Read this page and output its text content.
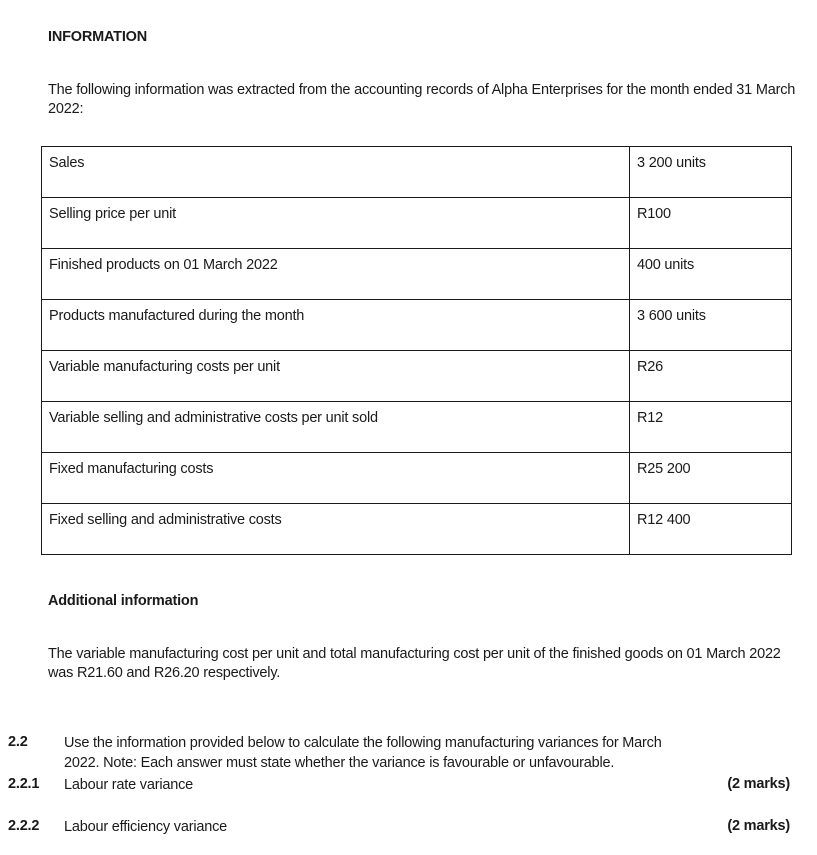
INFORMATION
The following information was extracted from the accounting records of Alpha Enterprises for the month ended 31 March 2022:
Sales	3 200 units
Selling price per unit	R100
Finished products on 01 March 2022	400 units
Products manufactured during the month	3 600 units
Variable manufacturing costs per unit	R26
Variable selling and administrative costs per unit sold	R12
Fixed manufacturing costs	R25 200
Fixed selling and administrative costs	R12 400
Additional information
The variable manufacturing cost per unit and total manufacturing cost per unit of the finished goods on 01 March 2022 was R21.60 and R26.20 respectively.
2.2	Use the information provided below to calculate the following manufacturing variances for March
2022. Note: Each answer must state whether the variance is favourable or unfavourable.
2.2.1 Labour rate variance	(2 marks)
2.2.2 Labour efficiency variance	(2 marks)
